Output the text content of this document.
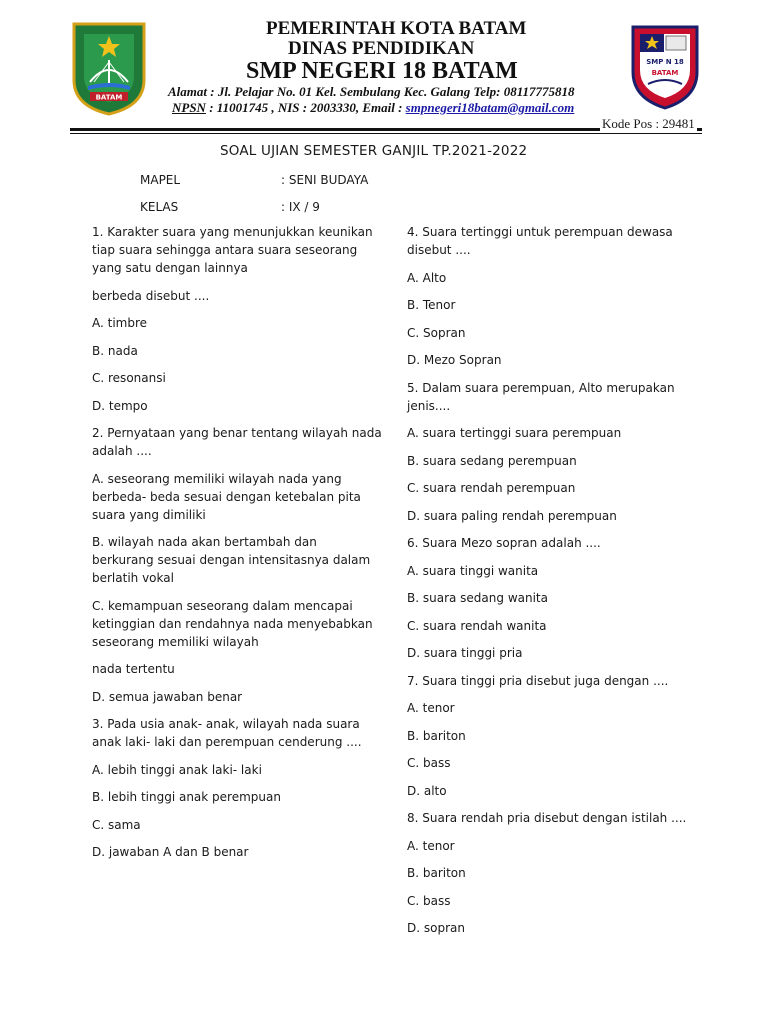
BATAM
SMP N 18
BATAM
PEMERINTAH KOTA BATAM
DINAS PENDIDIKAN
SMP NEGERI 18 BATAM
Alamat : Jl. Pelajar No. 01 Kel. Sembulang Kec. Galang Telp: 08117775818
NPSN : 11001745 , NIS : 2003330, Email : smpnegeri18batam@gmail.com
Kode Pos : 29481
SOAL UJIAN SEMESTER GANJIL TP.2021-2022
MAPEL	: SENI BUDAYA
KELAS	: IX / 9
1. Karakter suara yang menunjukkan keunikan tiap suara sehingga antara suara seseorang yang satu dengan lainnya
berbeda disebut ....
A. timbre
B. nada
C. resonansi
D. tempo
2. Pernyataan yang benar tentang wilayah nada adalah ....
A. seseorang memiliki wilayah nada yang berbeda- beda sesuai dengan ketebalan pita suara yang dimiliki
B. wilayah nada akan bertambah dan berkurang sesuai dengan intensitasnya dalam berlatih vokal
C. kemampuan seseorang dalam mencapai ketinggian dan rendahnya nada menyebabkan seseorang memiliki wilayah
nada tertentu
D. semua jawaban benar
3. Pada usia anak- anak, wilayah nada suara anak laki- laki dan perempuan cenderung ....
A. lebih tinggi anak laki- laki
B. lebih tinggi anak perempuan
C. sama
D. jawaban A dan B benar
4. Suara tertinggi untuk perempuan dewasa disebut ....
A. Alto
B. Tenor
C. Sopran
D. Mezo Sopran
5. Dalam suara perempuan, Alto merupakan jenis....
A. suara tertinggi suara perempuan
B. suara sedang perempuan
C. suara rendah perempuan
D. suara paling rendah perempuan
6. Suara Mezo sopran adalah ....
A. suara tinggi wanita
B. suara sedang wanita
C. suara rendah wanita
D. suara tinggi pria
7. Suara tinggi pria disebut juga dengan ....
A. tenor
B. bariton
C. bass
D. alto
8. Suara rendah pria disebut dengan istilah ....
A. tenor
B. bariton
C. bass
D. sopran
